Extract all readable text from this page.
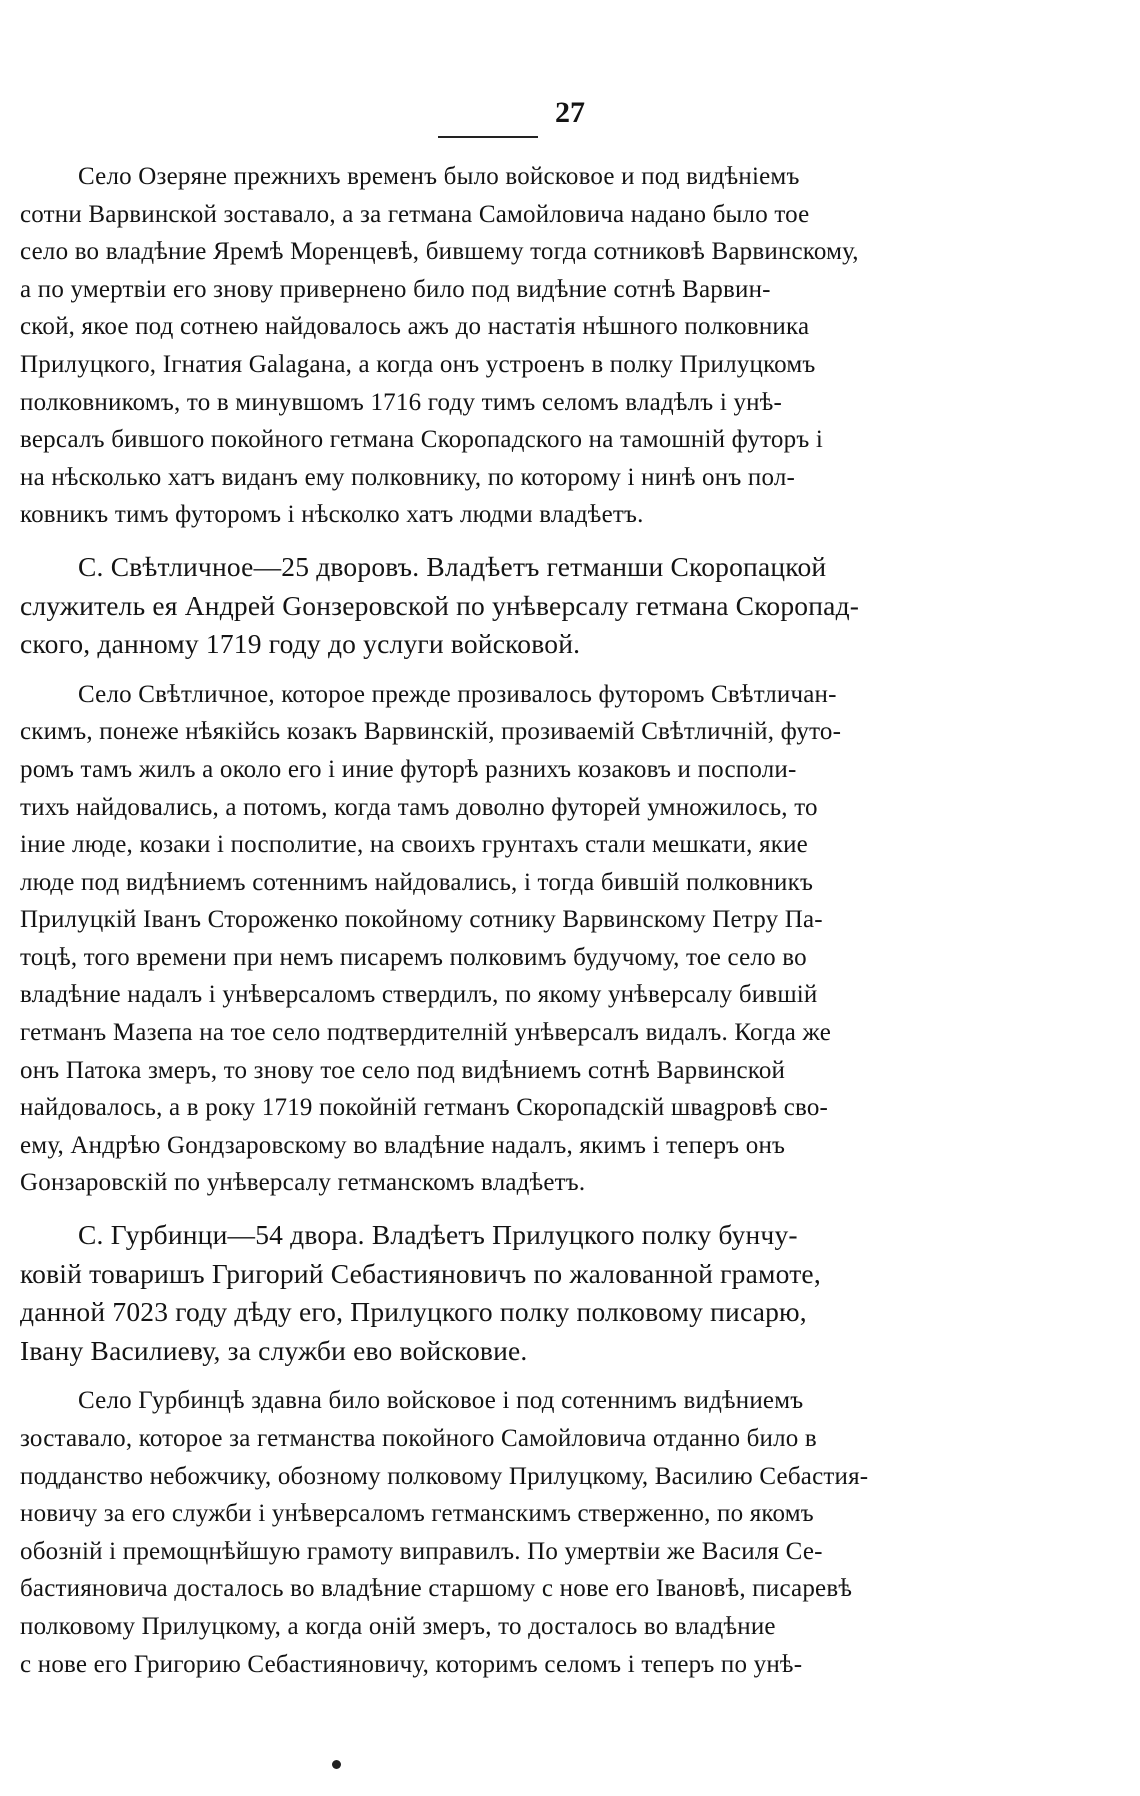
27
Село Озеряне прежнихъ временъ было войсковое и под видѣніемъ
сотни Варвинской зоставало, а за гетмана Самойловича надано было тое
село во владѣние Яремѣ Моренцевѣ, бившему тогда сотниковѣ Варвинскому,
а по умертвіи его знову привернено било под видѣние сотнѣ Варвин-
ской, якое под сотнею найдовалось ажъ до настатія нѣшного полковника
Прилуцкого, Ігнатия Galagана, а когда онъ устроенъ в полку Прилуцкомъ
полковникомъ, то в минувшомъ 1716 году тимъ селомъ владѣлъ і унѣ-
версалъ бившого покойного гетмана Скоропадского на тамошній футоръ і
на нѣсколько хатъ виданъ ему полковнику, по которому і нинѣ онъ пол-
ковникъ тимъ футоромъ і нѣсколко хатъ людми владѣетъ.
С. Свѣтличное—25 дворовъ. Владѣетъ гетманши Скоропацкой
служитель ея Андрей Gонзеровской по унѣверсалу гетмана Скоропад-
ского, данному 1719 году до услуги войсковой.
Село Свѣтличное, которое прежде прозивалось футоромъ Свѣтличан-
скимъ, понеже нѣякійсь козакъ Варвинскій, прозиваемій Свѣтличній, футо-
ромъ тамъ жилъ а около его і иние футорѣ разнихъ козаковъ и посполи-
тихъ найдовались, а потомъ, когда тамъ доволно футорей умножилось, то
іние люде, козаки і посполитие, на своихъ грунтахъ стали мешкати, якие
люде под видѣниемъ сотеннимъ найдовались, і тогда бившій полковникъ
Прилуцкій Іванъ Стороженко покойному сотнику Варвинскому Петру Па-
тоцѣ, того времени при немъ писаремъ полковимъ будучому, тое село во
владѣние надалъ і унѣверсаломъ ствердилъ, по якому унѣверсалу бившій
гетманъ Мазепа на тое село подтвердителній унѣверсалъ видалъ. Когда же
онъ Патока змеръ, то знову тое село под видѣниемъ сотнѣ Варвинской
найдовалось, а в року 1719 покойній гетманъ Скоропадскій шваgровѣ сво-
ему, Андрѣю Gондзаровскому во владѣние надалъ, якимъ і теперъ онъ
Gонзаровскій по унѣверсалу гетманскомъ владѣетъ.
С. Гурбинци—54 двора. Владѣетъ Прилуцкого полку бунчу-
ковій товаришъ Григорий Себастияновичъ по жалованной грамоте,
данной 7023 году дѣду его, Прилуцкого полку полковому писарю,
Івану Василиеву, за служби ево войсковие.
Село Гурбинцѣ здавна било войсковое і под сотеннимъ видѣниемъ
зоставало, которое за гетманства покойного Самойловича отданно било в
подданство небожчику, обозному полковому Прилуцкому, Василию Себастия-
новичу за его служби і унѣверсаломъ гетманскимъ стверженно, по якомъ
обозній і премощнѣйшую грамоту виправилъ. По умертвіи же Василя Се-
бастияновича досталось во владѣние старшому с нове его Івановѣ, писаревѣ
полковому Прилуцкому, а когда оній змеръ, то досталось во владѣние
с нове его Григорию Себастияновичу, которимъ селомъ і теперъ по унѣ-
